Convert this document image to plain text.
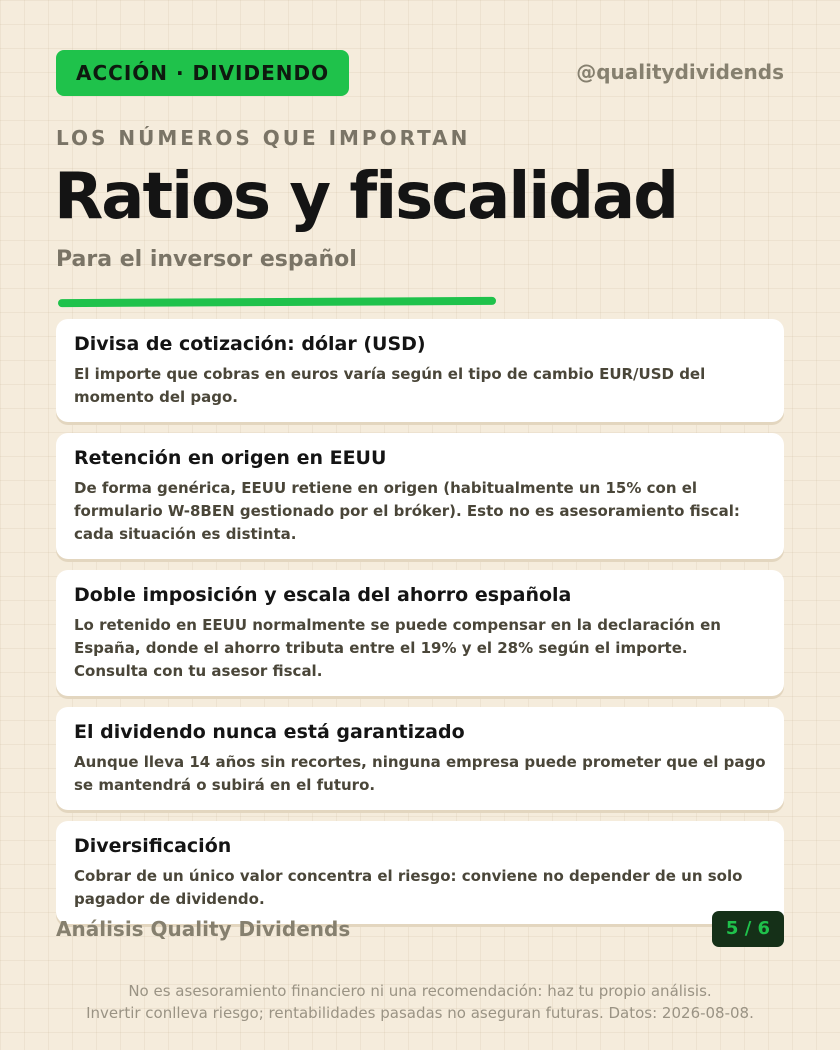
ACCIÓN · DIVIDENDO	@qualitydividends
LOS NÚMEROS QUE IMPORTAN
Ratios y fiscalidad
Para el inversor español
Divisa de cotización: dólar (USD)

El importe que cobras en euros varía según el tipo de cambio EUR/USD del momento del pago.

Retención en origen en EEUU

De forma genérica, EEUU retiene en origen (habitualmente un 15% con el formulario W-8BEN gestionado por el bróker). Esto no es asesoramiento fiscal: cada situación es distinta.

Doble imposición y escala del ahorro española

Lo retenido en EEUU normalmente se puede compensar en la declaración en España, donde el ahorro tributa entre el 19% y el 28% según el importe. Consulta con tu asesor fiscal.

El dividendo nunca está garantizado

Aunque lleva 14 años sin recortes, ninguna empresa puede prometer que el pago se mantendrá o subirá en el futuro.

Diversificación

Cobrar de un único valor concentra el riesgo: conviene no depender de un solo pagador de dividendo.

Análisis Quality Dividends	5 / 6
No es asesoramiento financiero ni una recomendación: haz tu propio análisis.
Invertir conlleva riesgo; rentabilidades pasadas no aseguran futuras. Datos: 2026-08-08.
